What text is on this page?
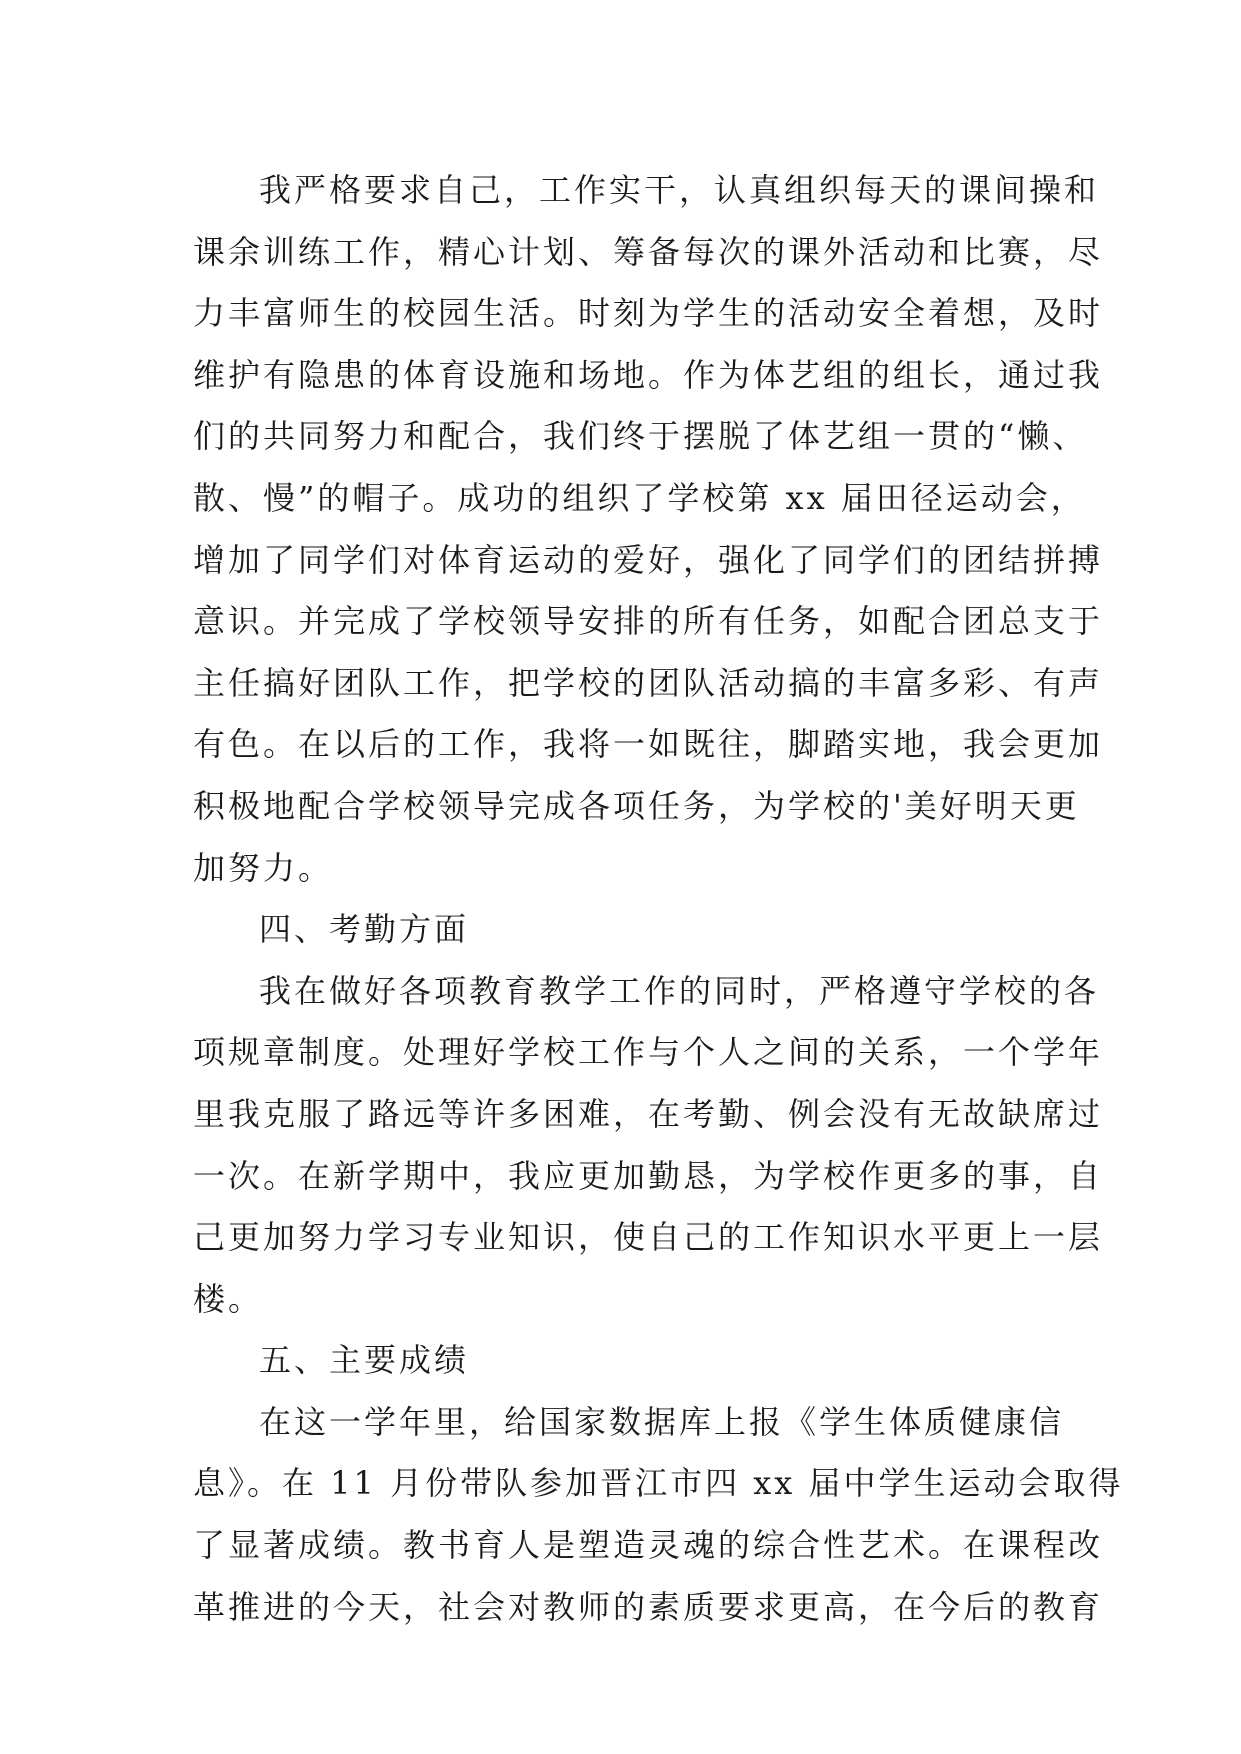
我严格要求自己，工作实干，认真组织每天的课间操和
课余训练工作，精心计划、筹备每次的课外活动和比赛，尽
力丰富师生的校园生活。时刻为学生的活动安全着想，及时
维护有隐患的体育设施和场地。作为体艺组的组长，通过我
们的共同努力和配合，我们终于摆脱了体艺组一贯的“懒、
散、慢”的帽子。成功的组织了学校第 xx 届田径运动会，
增加了同学们对体育运动的爱好，强化了同学们的团结拼搏
意识。并完成了学校领导安排的所有任务，如配合团总支于
主任搞好团队工作，把学校的团队活动搞的丰富多彩、有声
有色。在以后的工作，我将一如既往，脚踏实地，我会更加
积极地配合学校领导完成各项任务，为学校的'美好明天更
加努力。
四、考勤方面
我在做好各项教育教学工作的同时，严格遵守学校的各
项规章制度。处理好学校工作与个人之间的关系，一个学年
里我克服了路远等许多困难，在考勤、例会没有无故缺席过
一次。在新学期中，我应更加勤恳，为学校作更多的事，自
己更加努力学习专业知识，使自己的工作知识水平更上一层
楼。
五、主要成绩
在这一学年里，给国家数据库上报《学生体质健康信
息》。在 11 月份带队参加晋江市四 xx 届中学生运动会取得
了显著成绩。教书育人是塑造灵魂的综合性艺术。在课程改
革推进的今天，社会对教师的素质要求更高，在今后的教育
